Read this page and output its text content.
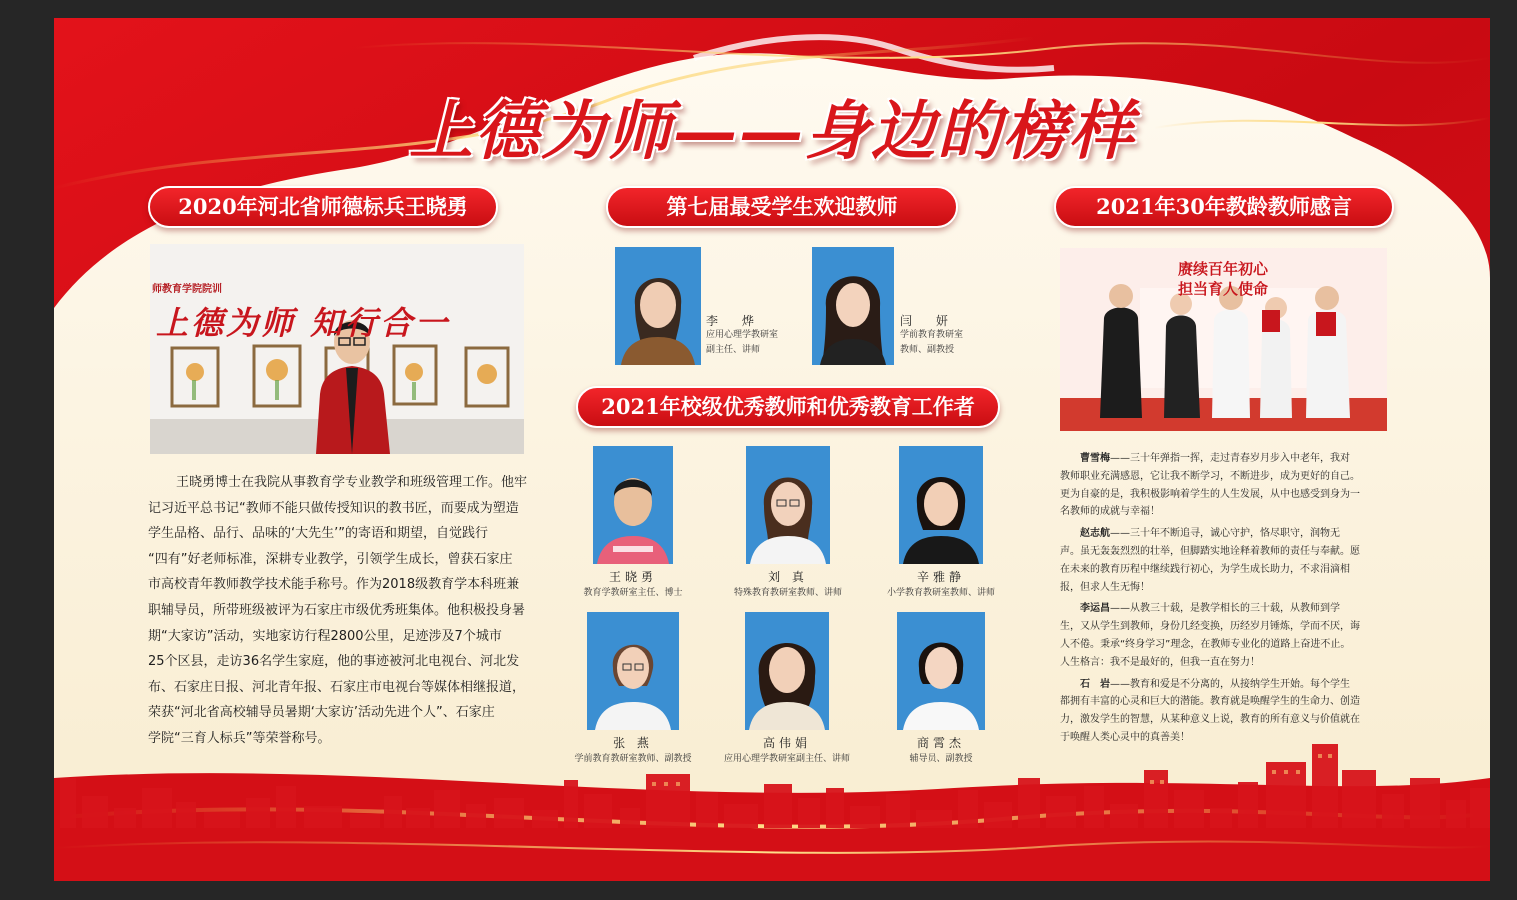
上德为师——身边的榜样
2020年河北省师德标兵王晓勇
师教育学院院训
上德为师 知行合一
王晓勇博士在我院从事教育学专业教学和班级管理工作。他牢
记习近平总书记“教师不能只做传授知识的教书匠，而要成为塑造
学生品格、品行、品味的‘大先生’”的寄语和期望，自觉践行
“四有”好老师标准，深耕专业教学，引领学生成长，曾获石家庄
市高校青年教师教学技术能手称号。作为2018级教育学本科班兼
职辅导员，所带班级被评为石家庄市级优秀班集体。他积极投身暑
期“大家访”活动，实地家访行程2800公里，足迹涉及7个城市
25个区县，走访36名学生家庭，他的事迹被河北电视台、河北发
布、石家庄日报、河北青年报、石家庄市电视台等媒体相继报道，
荣获“河北省高校辅导员暑期‘大家访’活动先进个人”、石家庄
学院“三育人标兵”等荣誉称号。
第七届最受学生欢迎教师
李 烨
应用心理学教研室
副主任、讲师
闫 妍
学前教育教研室
教师、副教授
2021年校级优秀教师和优秀教育工作者
王晓勇
教育学教研室主任、博士
刘 真
特殊教育教研室教师、讲师
辛雅静
小学教育教研室教师、讲师
张 燕
学前教育教研室教师、副教授
高伟娟
应用心理学教研室副主任、讲师
商霄杰
辅导员、副教授
2021年30年教龄教师感言
赓续百年初心
担当育人使命
曹雪梅——三十年弹指一挥，走过青春岁月步入中老年，我对
教师职业充满感恩，它让我不断学习，不断进步，成为更好的自己。
更为自豪的是，我积极影响着学生的人生发展，从中也感受到身为一
名教师的成就与幸福！
赵志航——三十年不断追寻，诚心守护，恪尽职守，润物无
声。虽无轰轰烈烈的壮举，但脚踏实地诠释着教师的责任与奉献。愿
在未来的教育历程中继续践行初心，为学生成长助力，不求涓滴相
报，但求人生无悔！
李运昌——从教三十载，是教学相长的三十载，从教师到学
生，又从学生到教师，身份几经变换，历经岁月锤炼，学而不厌，诲
人不倦。秉承“终身学习”理念，在教师专业化的道路上奋进不止。
人生格言：我不是最好的，但我一直在努力！
石　岩——教育和爱是不分离的，从接纳学生开始。每个学生
都拥有丰富的心灵和巨大的潜能。教育就是唤醒学生的生命力、创造
力，激发学生的智慧，从某种意义上说，教育的所有意义与价值就在
于唤醒人类心灵中的真善美！
